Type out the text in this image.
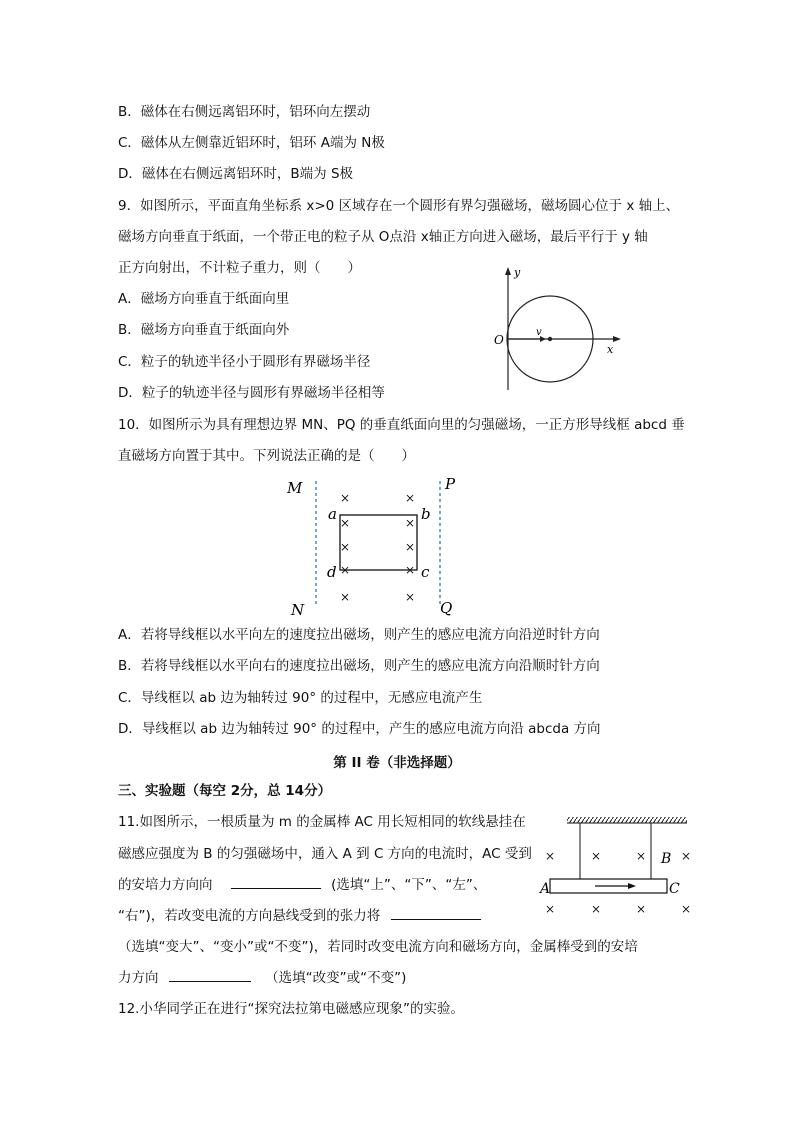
B．磁体在右侧远离铝环时，铝环向左摆动
C．磁体从左侧靠近铝环时，铝环 A端为 N极
D．磁体在右侧远离铝环时，B端为 S极
9．如图所示，平面直角坐标系 x>0 区域存在一个圆形有界匀强磁场，磁场圆心位于 x 轴上、
磁场方向垂直于纸面，一个带正电的粒子从 O点沿 x轴正方向进入磁场，最后平行于 y 轴
正方向射出，不计粒子重力，则（　　）
A．磁场方向垂直于纸面向里
B．磁场方向垂直于纸面向外
C．粒子的轨迹半径小于圆形有界磁场半径
D．粒子的轨迹半径与圆形有界磁场半径相等
y
x
O
v
10．如图所示为具有理想边界 MN、PQ 的垂直纸面向里的匀强磁场，一正方形导线框 abcd 垂
直磁场方向置于其中。下列说法正确的是（　　）
M
N
P
Q
a	b
c
d
×	×
×	×
×	×
×	×
×	×
A．若将导线框以水平向左的速度拉出磁场，则产生的感应电流方向沿逆时针方向
B．若将导线框以水平向右的速度拉出磁场，则产生的感应电流方向沿顺时针方向
C．导线框以 ab 边为轴转过 90° 的过程中，无感应电流产生
D．导线框以 ab 边为轴转过 90° 的过程中，产生的感应电流方向沿 abcda 方向
第 II 卷（非选择题）
三、实验题（每空 2分，总 14分）
11.如图所示，一根质量为 m 的金属棒 AC 用长短相同的软线悬挂在
磁感应强度为 B 的匀强磁场中，通入 A 到 C 方向的电流时，AC 受到
的安培力方向向	(选填“上”、“下”、“左”、
“右”)，若改变电流的方向悬线受到的张力将
（选填“变大”、“变小”或“不变”)，若同时改变电流方向和磁场方向，金属棒受到的安培
力方向	（选填“改变”或“不变”)
A	C
B
×	×	×	×
×	×	×	×
12.小华同学正在进行“探究法拉第电磁感应现象”的实验。
